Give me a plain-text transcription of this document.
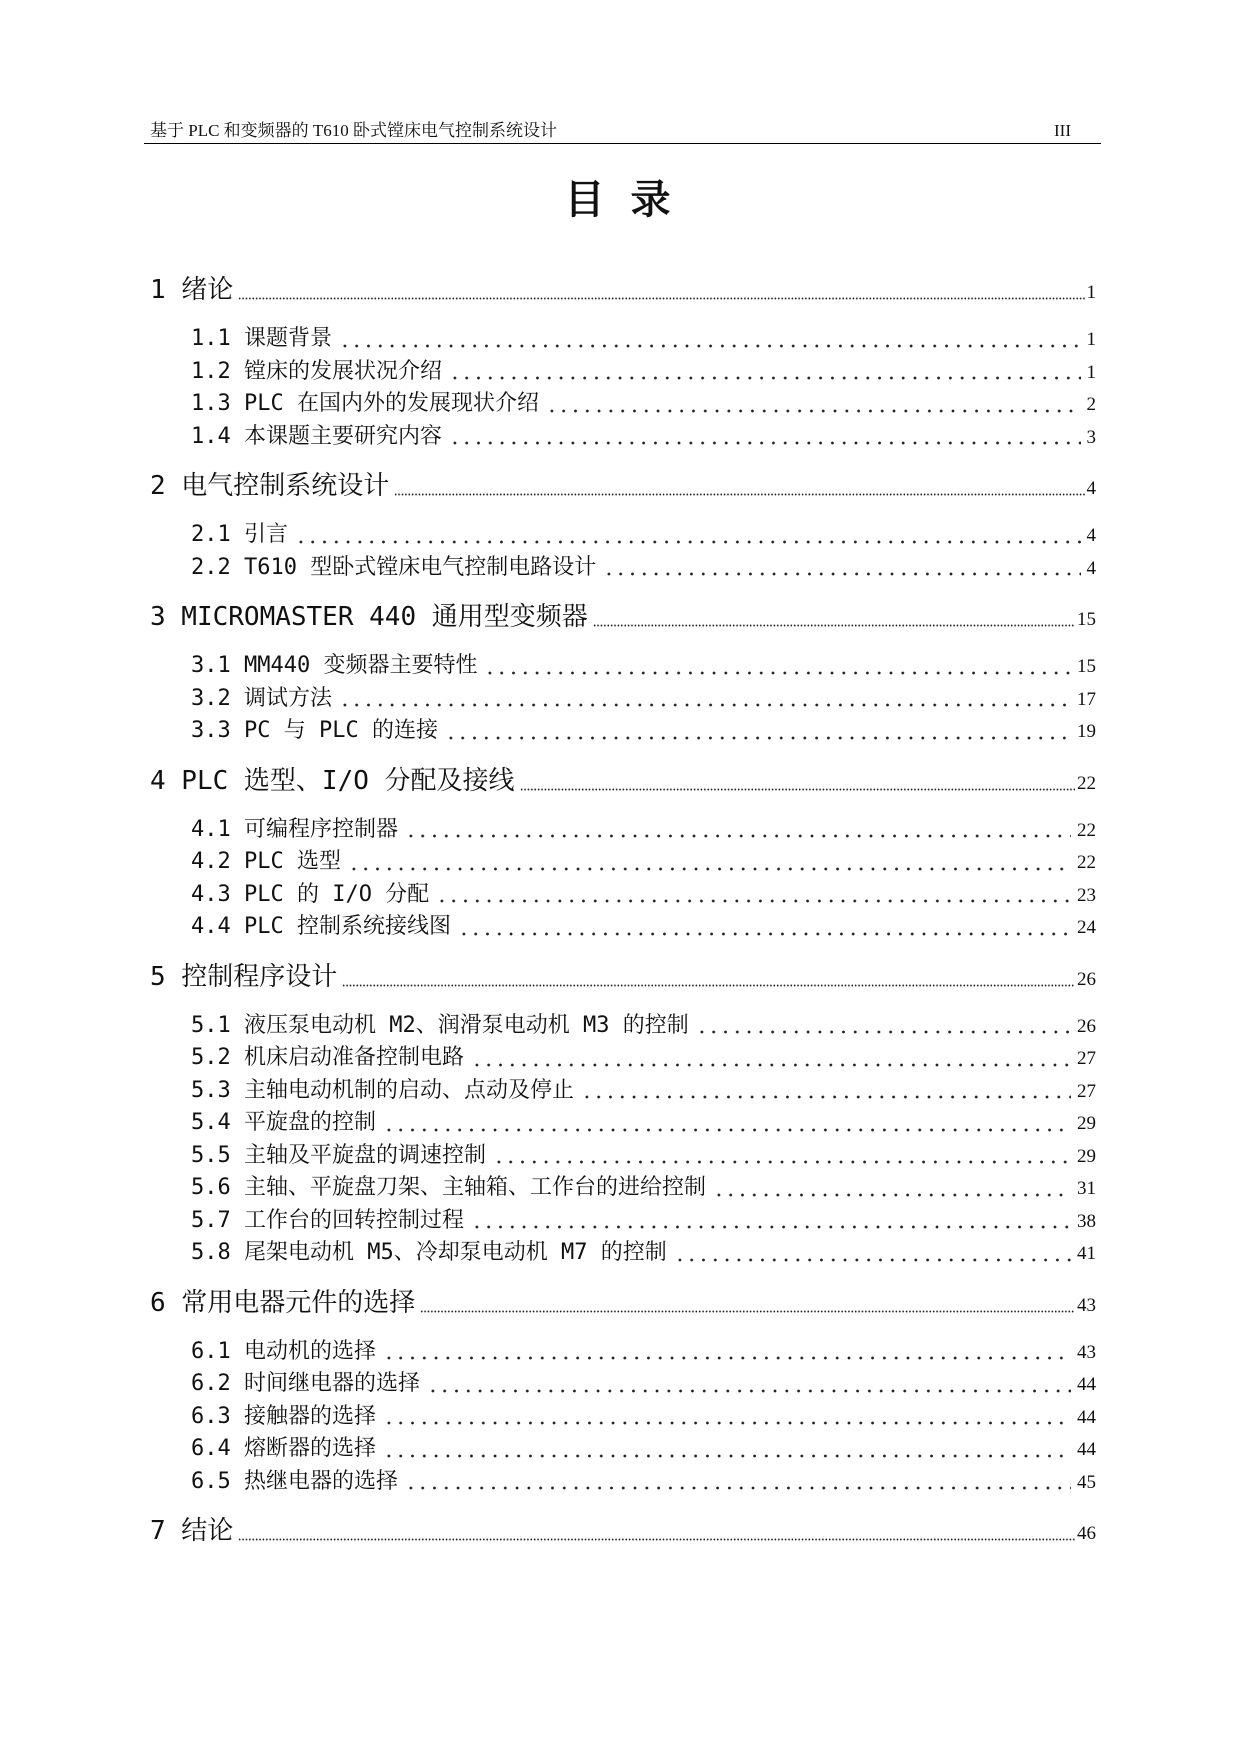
基于 PLC 和变频器的 T610 卧式镗床电气控制系统设计	III
目 录
1 绪论	1
1.1 课题背景	1
1.2 镗床的发展状况介绍	1
1.3 PLC 在国内外的发展现状介绍	2
1.4 本课题主要研究内容	3
2 电气控制系统设计	4
2.1 引言	4
2.2 T610 型卧式镗床电气控制电路设计	4
3 MICROMASTER 440 通用型变频器	15
3.1 MM440 变频器主要特性	15
3.2 调试方法	17
3.3 PC 与 PLC 的连接	19
4 PLC 选型、I/O 分配及接线	22
4.1 可编程序控制器	22
4.2 PLC 选型	22
4.3 PLC 的 I/O 分配	23
4.4 PLC 控制系统接线图	24
5 控制程序设计	26
5.1 液压泵电动机 M2、润滑泵电动机 M3 的控制	26
5.2 机床启动准备控制电路	27
5.3 主轴电动机制的启动、点动及停止	27
5.4 平旋盘的控制	29
5.5 主轴及平旋盘的调速控制	29
5.6 主轴、平旋盘刀架、主轴箱、工作台的进给控制	31
5.7 工作台的回转控制过程	38
5.8 尾架电动机 M5、冷却泵电动机 M7 的控制	41
6 常用电器元件的选择	43
6.1 电动机的选择	43
6.2 时间继电器的选择	44
6.3 接触器的选择	44
6.4 熔断器的选择	44
6.5 热继电器的选择	45
7 结论	46
